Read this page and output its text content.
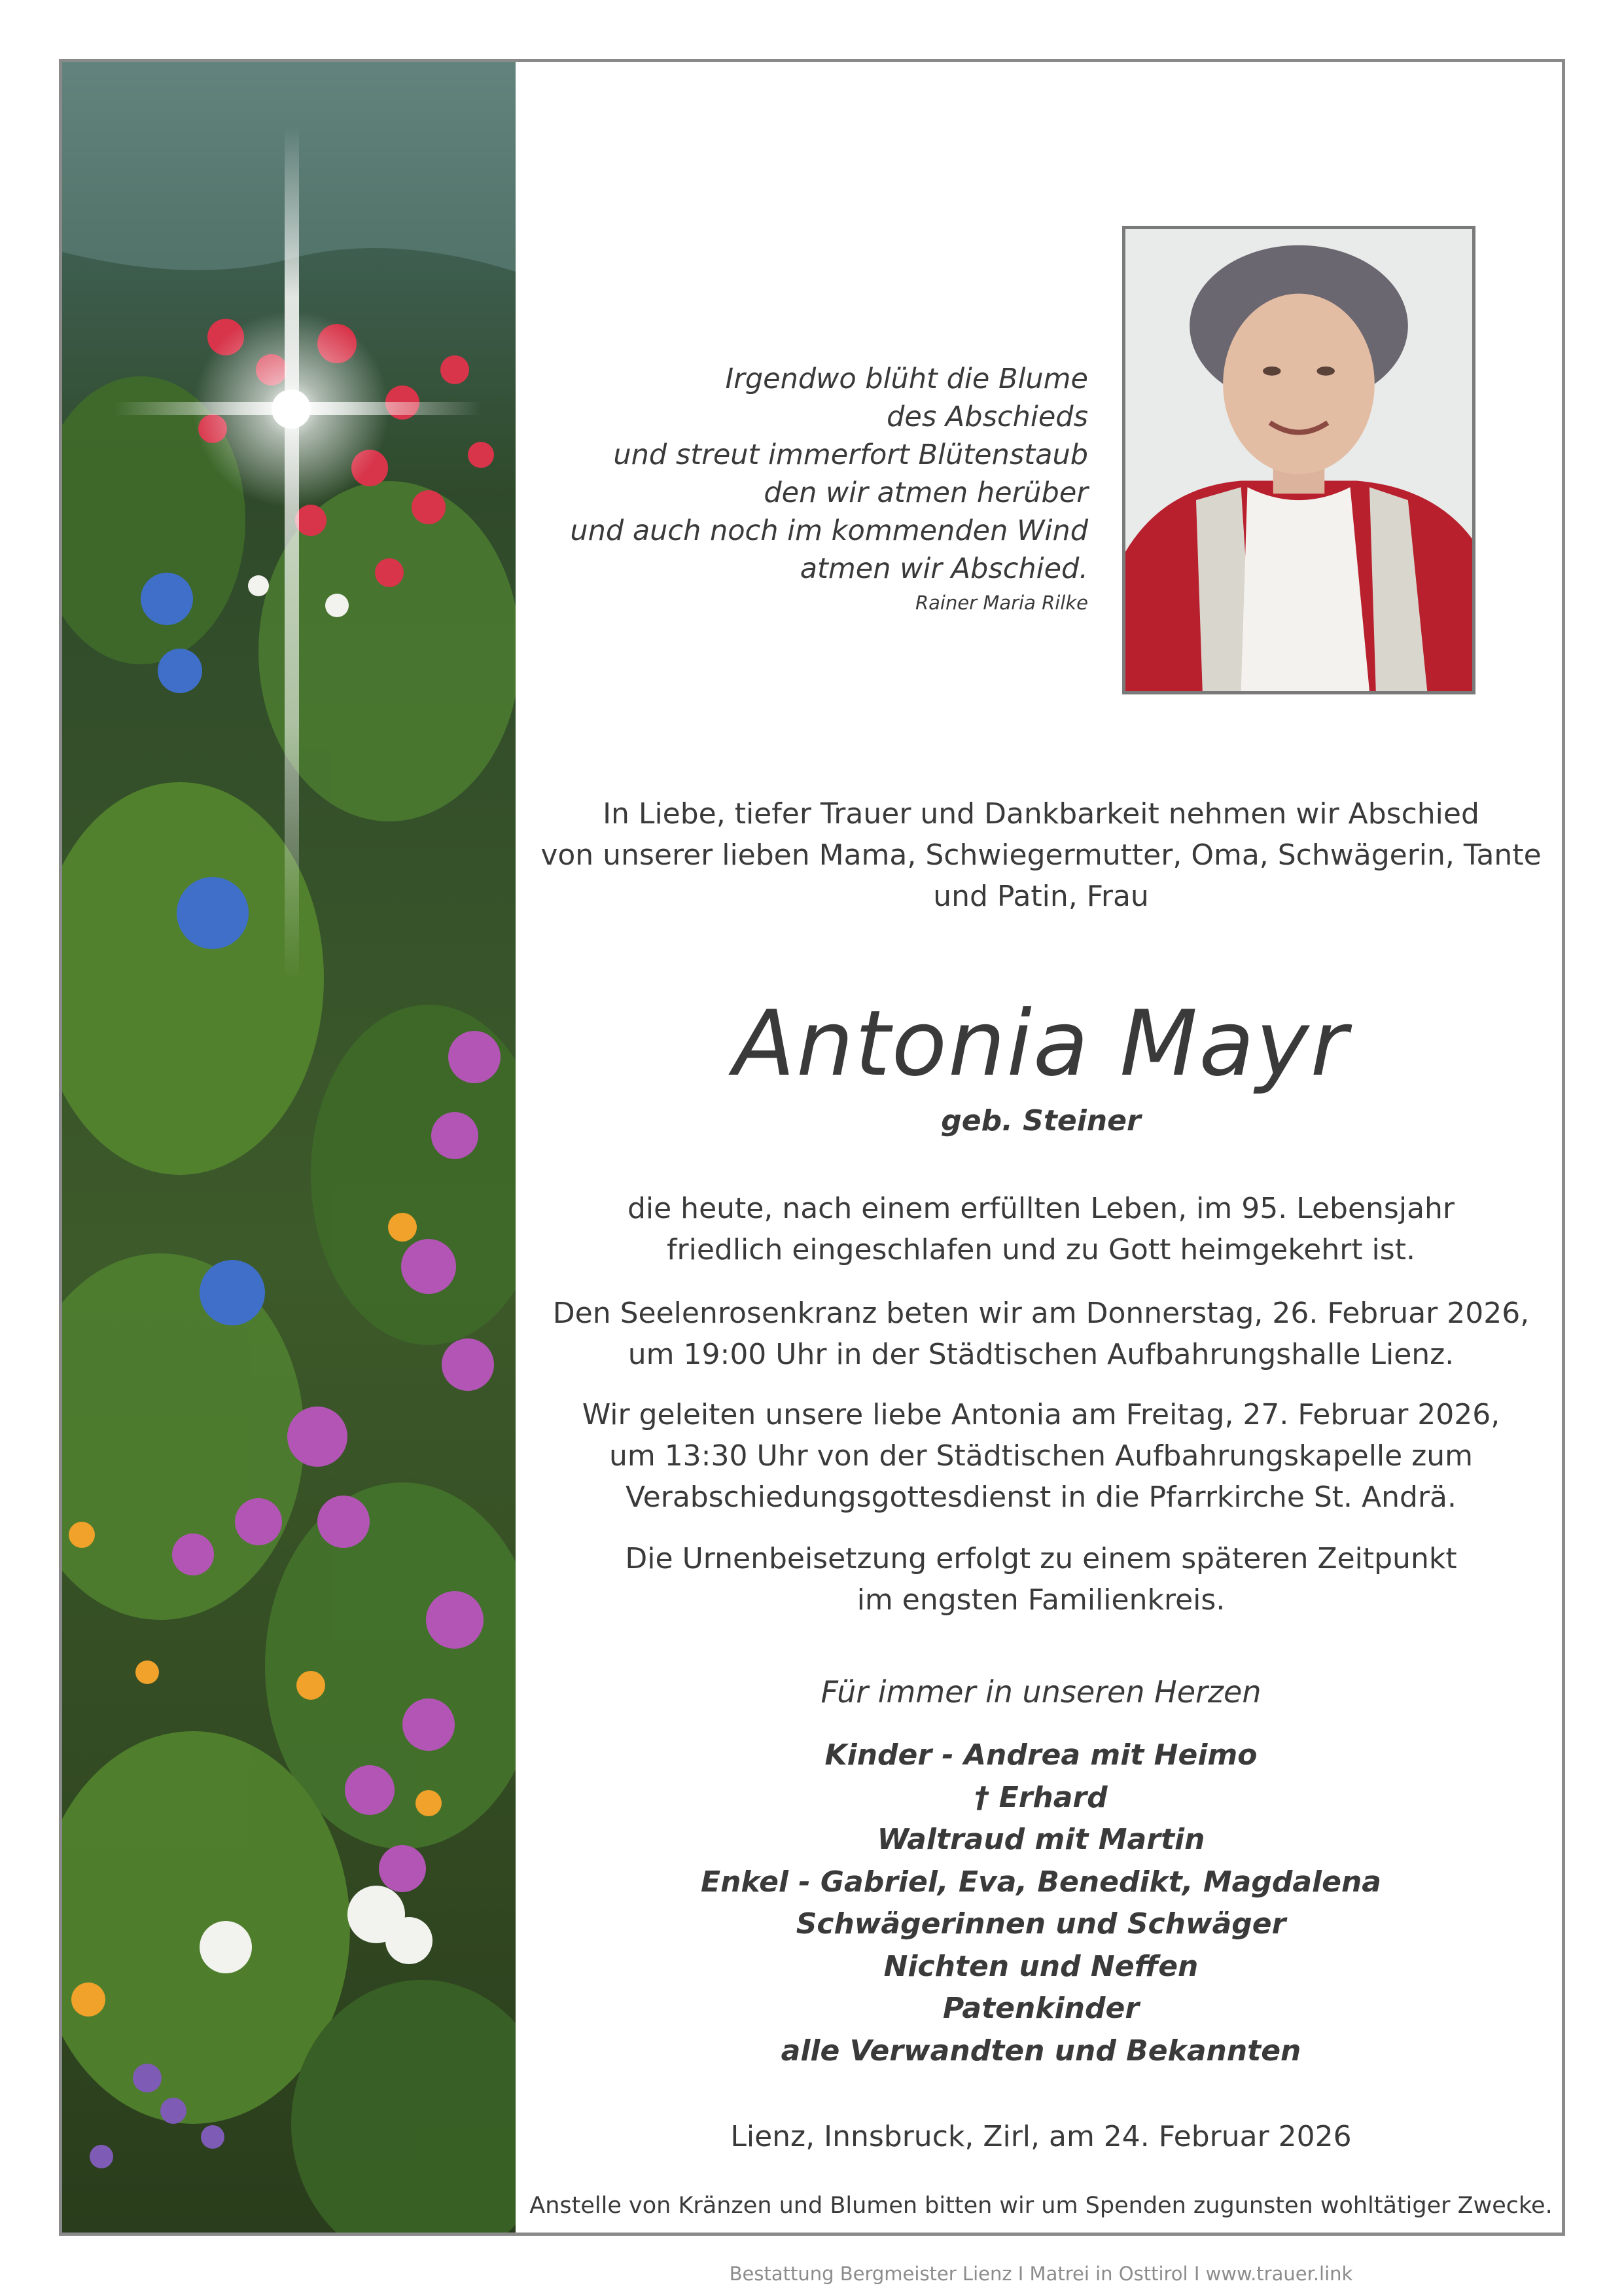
Irgendwo blüht die Blume
des Abschieds
und streut immerfort Blütenstaub
den wir atmen herüber
und auch noch im kommenden Wind
atmen wir Abschied.
Rainer Maria Rilke
In Liebe, tiefer Trauer und Dankbarkeit nehmen wir Abschied
von unserer lieben Mama, Schwiegermutter, Oma, Schwägerin, Tante
und Patin, Frau
Antonia Mayr
geb. Steiner
die heute, nach einem erfüllten Leben, im 95. Lebensjahr
friedlich eingeschlafen und zu Gott heimgekehrt ist.
Den Seelenrosenkranz beten wir am Donnerstag, 26. Februar 2026,
um 19:00 Uhr in der Städtischen Aufbahrungshalle Lienz.
Wir geleiten unsere liebe Antonia am Freitag, 27. Februar 2026,
um 13:30 Uhr von der Städtischen Aufbahrungskapelle zum
Verabschiedungsgottesdienst in die Pfarrkirche St. Andrä.
Die Urnenbeisetzung erfolgt zu einem späteren Zeitpunkt
im engsten Familienkreis.
Für immer in unseren Herzen
Kinder - Andrea mit Heimo
† Erhard
Waltraud mit Martin
Enkel - Gabriel, Eva, Benedikt, Magdalena
Schwägerinnen und Schwäger
Nichten und Neffen
Patenkinder
alle Verwandten und Bekannten
Lienz, Innsbruck, Zirl, am 24. Februar 2026
Anstelle von Kränzen und Blumen bitten wir um Spenden zugunsten wohltätiger Zwecke.
Bestattung Bergmeister Lienz I Matrei in Osttirol I www.trauer.link
